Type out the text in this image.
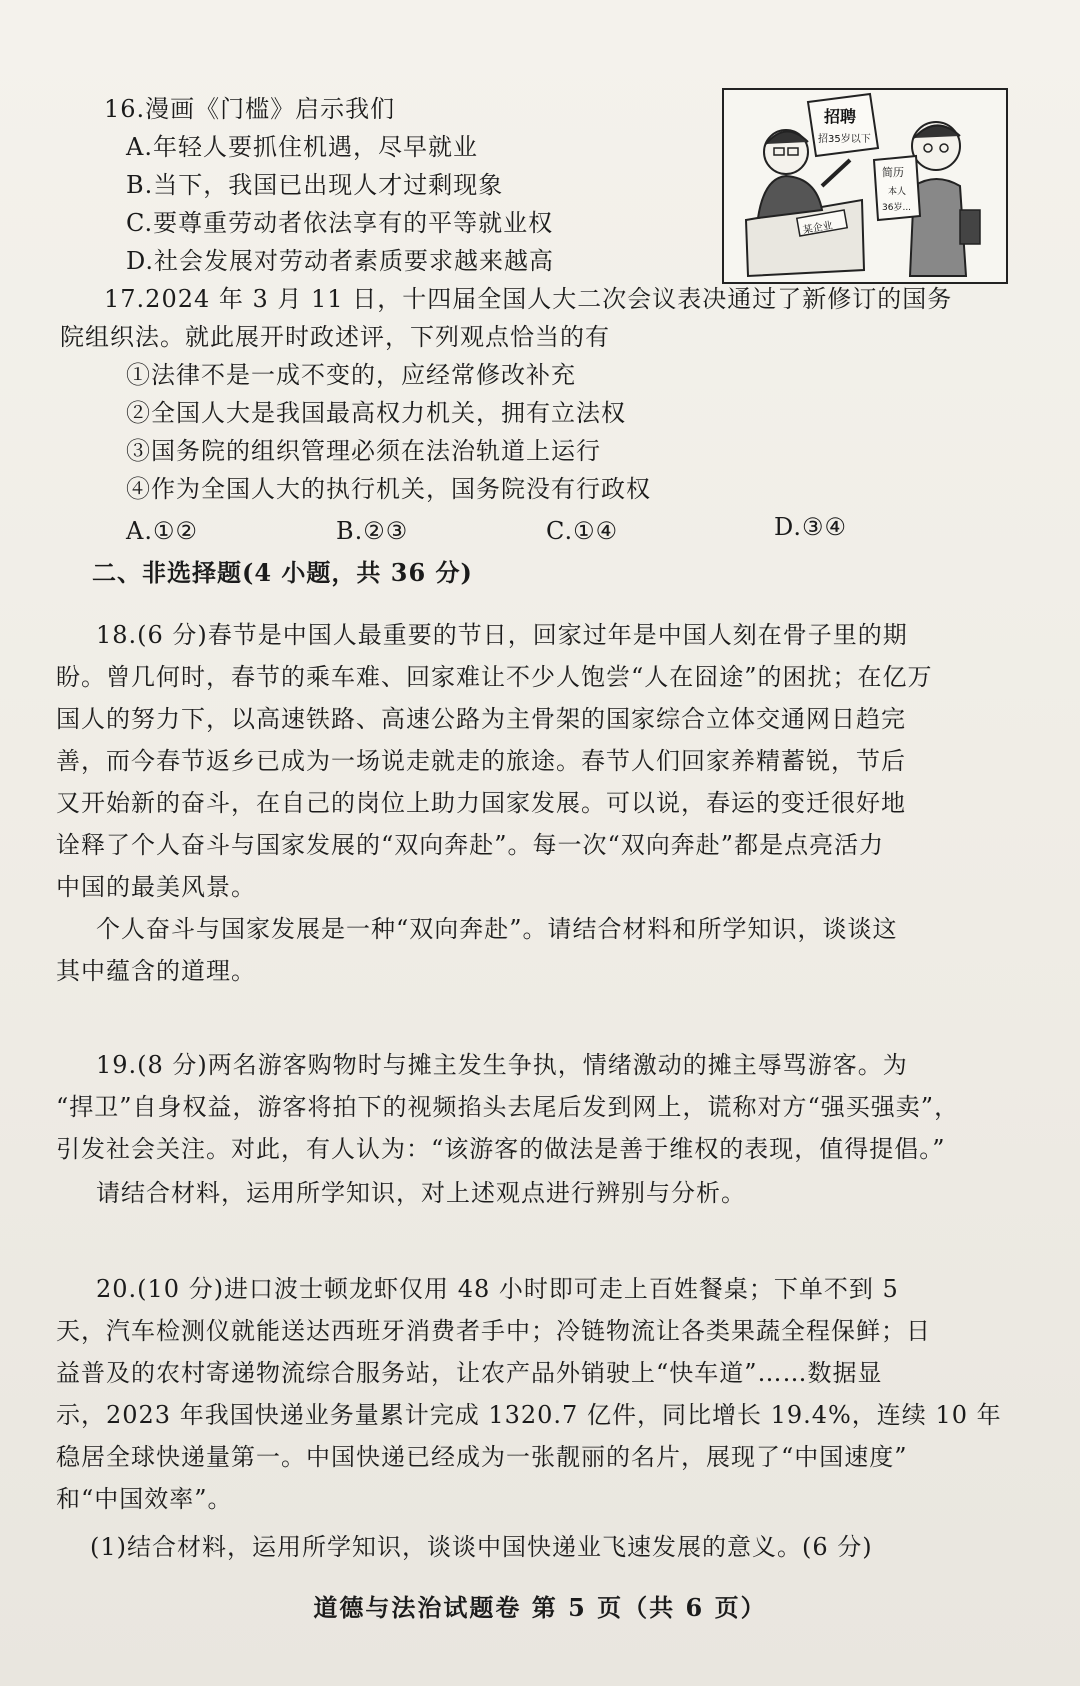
16.漫画《门槛》启示我们
A.年轻人要抓住机遇，尽早就业
B.当下，我国已出现人才过剩现象
C.要尊重劳动者依法享有的平等就业权
D.社会发展对劳动者素质要求越来越高
招聘
招35岁以下
某企业
简历
本人
36岁...
17.2024 年 3 月 11 日，十四届全国人大二次会议表决通过了新修订的国务
院组织法。就此展开时政述评，下列观点恰当的有
①法律不是一成不变的，应经常修改补充
②全国人大是我国最高权力机关，拥有立法权
③国务院的组织管理必须在法治轨道上运行
④作为全国人大的执行机关，国务院没有行政权
A.①②	B.②③	C.①④	D.③④
二、非选择题(4 小题，共 36 分)
18.(6 分)春节是中国人最重要的节日，回家过年是中国人刻在骨子里的期
盼。曾几何时，春节的乘车难、回家难让不少人饱尝“人在囧途”的困扰；在亿万
国人的努力下，以高速铁路、高速公路为主骨架的国家综合立体交通网日趋完
善，而今春节返乡已成为一场说走就走的旅途。春节人们回家养精蓄锐，节后
又开始新的奋斗，在自己的岗位上助力国家发展。可以说，春运的变迁很好地
诠释了个人奋斗与国家发展的“双向奔赴”。每一次“双向奔赴”都是点亮活力
中国的最美风景。
个人奋斗与国家发展是一种“双向奔赴”。请结合材料和所学知识，谈谈这
其中蕴含的道理。
19.(8 分)两名游客购物时与摊主发生争执，情绪激动的摊主辱骂游客。为
“捍卫”自身权益，游客将拍下的视频掐头去尾后发到网上，谎称对方“强买强卖”，
引发社会关注。对此，有人认为：“该游客的做法是善于维权的表现，值得提倡。”
请结合材料，运用所学知识，对上述观点进行辨别与分析。
20.(10 分)进口波士顿龙虾仅用 48 小时即可走上百姓餐桌；下单不到 5
天，汽车检测仪就能送达西班牙消费者手中；冷链物流让各类果蔬全程保鲜；日
益普及的农村寄递物流综合服务站，让农产品外销驶上“快车道”……数据显
示，2023 年我国快递业务量累计完成 1320.7 亿件，同比增长 19.4%，连续 10 年
稳居全球快递量第一。中国快递已经成为一张靓丽的名片，展现了“中国速度”
和“中国效率”。
(1)结合材料，运用所学知识，谈谈中国快递业飞速发展的意义。(6 分)
道德与法治试题卷 第 5 页（共 6 页）
